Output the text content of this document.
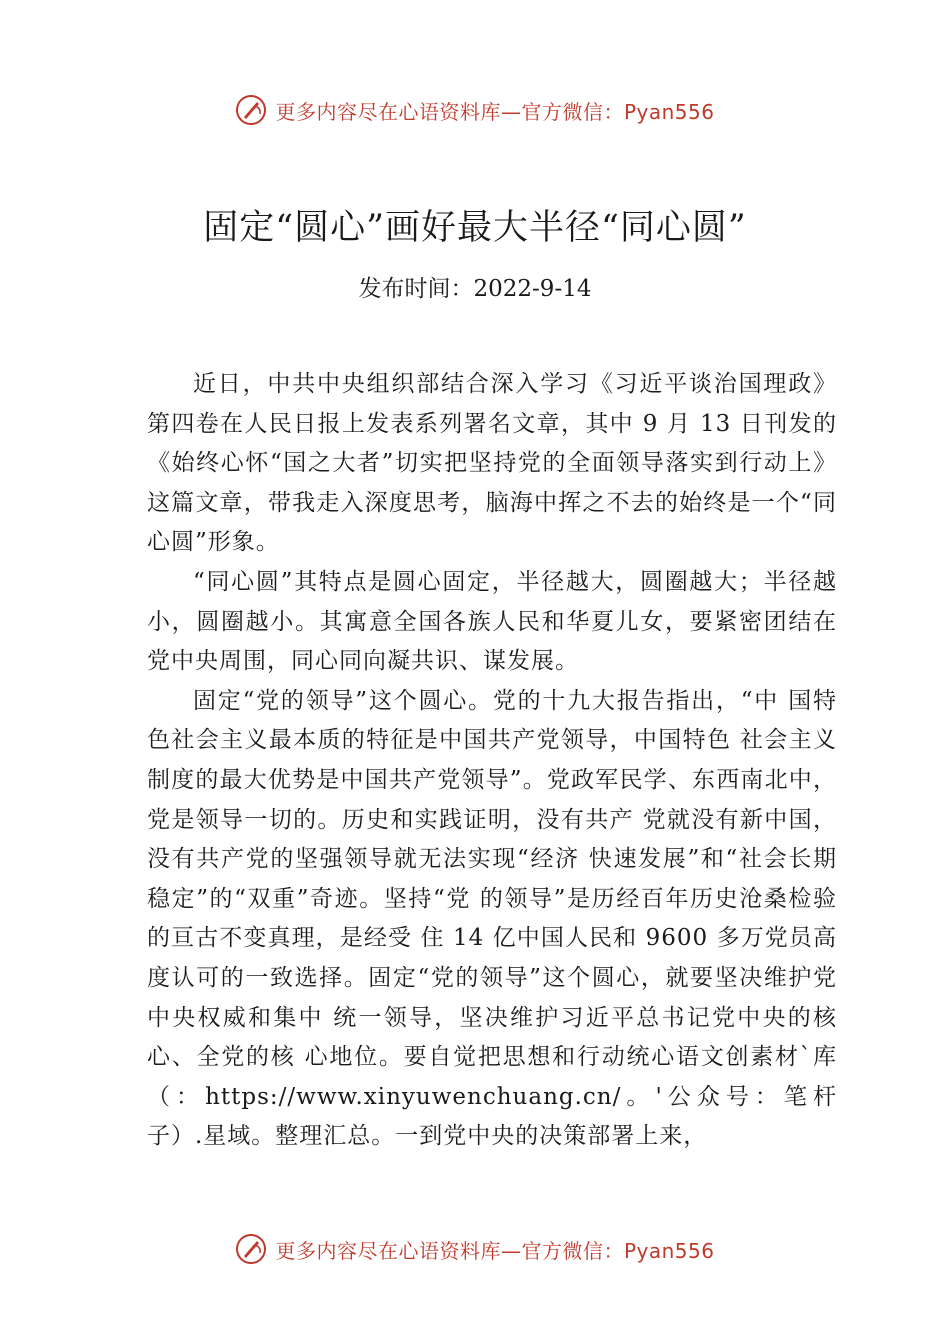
更多内容尽在心语资料库—官方微信：Pyan556
固定“圆心”画好最大半径“同心圆”
发布时间：2022-9-14

近日，中共中央组织部结合深入学习《习近平谈治国理政》第四卷在人民日报上发表系列署名文章，其中 9 月 13 日刊发的《始终心怀“国之大者”切实把坚持党的全面领导落实到行动上》这篇文章，带我走入深度思考，脑海中挥之不去的始终是一个“同心圆”形象。

“同心圆”其特点是圆心固定，半径越大，圆圈越大；半径越小，圆圈越小。其寓意全国各族人民和华夏儿女，要紧密团结在党中央周围，同心同向凝共识、谋发展。

固定“党的领导”这个圆心。党的十九大报告指出，“中 国特色社会主义最本质的特征是中国共产党领导，中国特色 社会主义制度的最大优势是中国共产党领导”。党政军民学、东西南北中，党是领导一切的。历史和实践证明，没有共产 党就没有新中国，没有共产党的坚强领导就无法实现“经济 快速发展”和“社会长期稳定”的“双重”奇迹。坚持“党 的领导”是历经百年历史沧桑检验的亘古不变真理，是经受 住 14 亿中国人民和 9600 多万党员高度认可的一致选择。固定“党的领导”这个圆心，就要坚决维护党中央权威和集中 统一领导，坚决维护习近平总书记党中央的核心、全党的核 心地位。要自觉把思想和行动统心语文创素材`库（：https://www.xinyuwenchuang.cn/。'公众号：笔杆子）.星域。整理汇总。一到党中央的决策部署上来，

更多内容尽在心语资料库—官方微信：Pyan556
